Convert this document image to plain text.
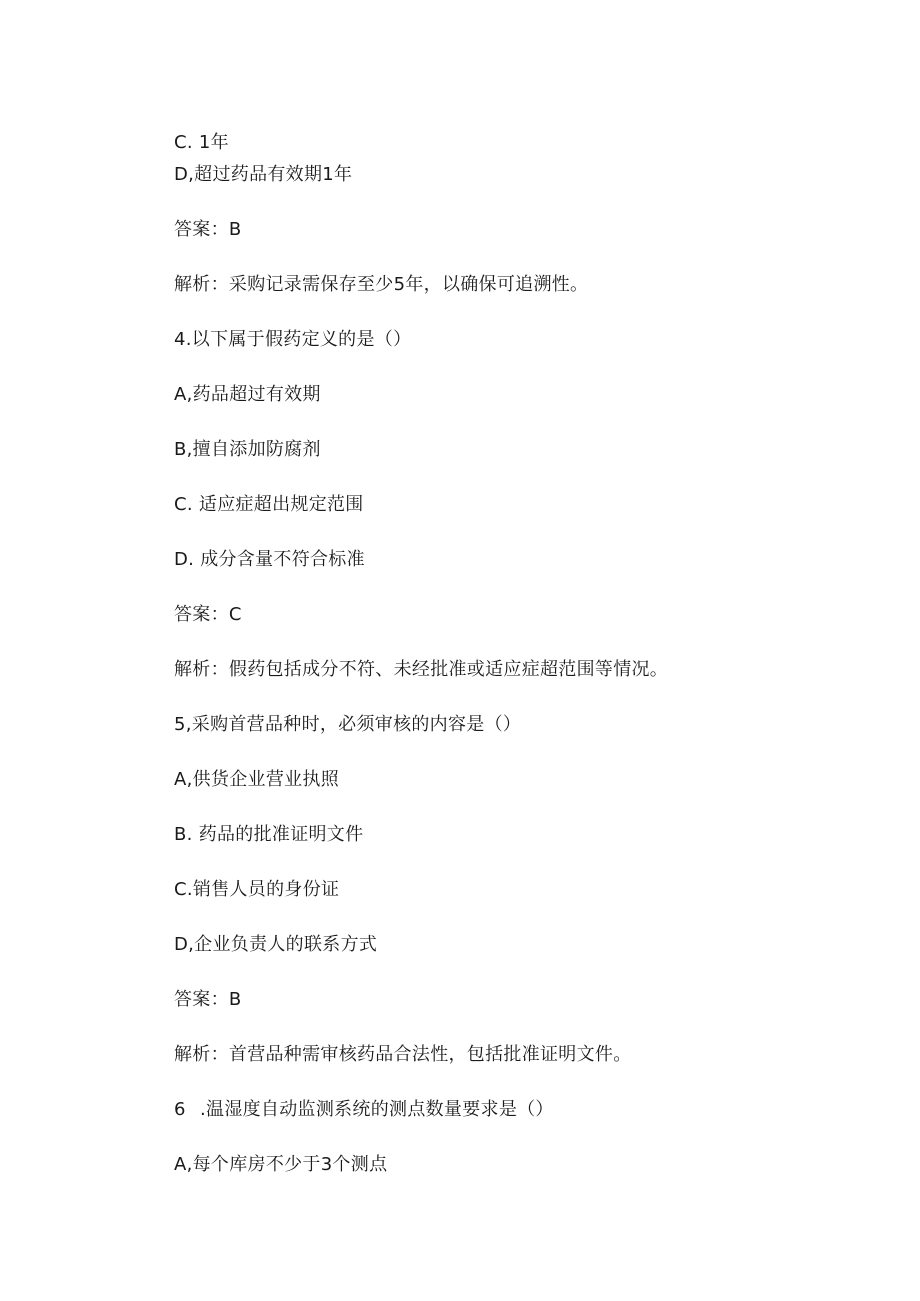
C. 1年
D,超过药品有效期1年
答案：B
解析：采购记录需保存至少5年，以确保可追溯性。
4.以下属于假药定义的是（）
A,药品超过有效期
B,擅自添加防腐剂
C. 适应症超出规定范围
D. 成分含量不符合标准
答案：C
解析：假药包括成分不符、未经批准或适应症超范围等情况。
5,采购首营品种时，必须审核的内容是（）
A,供货企业营业执照
B. 药品的批准证明文件
C.销售人员的身份证
D,企业负责人的联系方式
答案：B
解析：首营品种需审核药品合法性，包括批准证明文件。
6 .温湿度自动监测系统的测点数量要求是（）
A,每个库房不少于3个测点
